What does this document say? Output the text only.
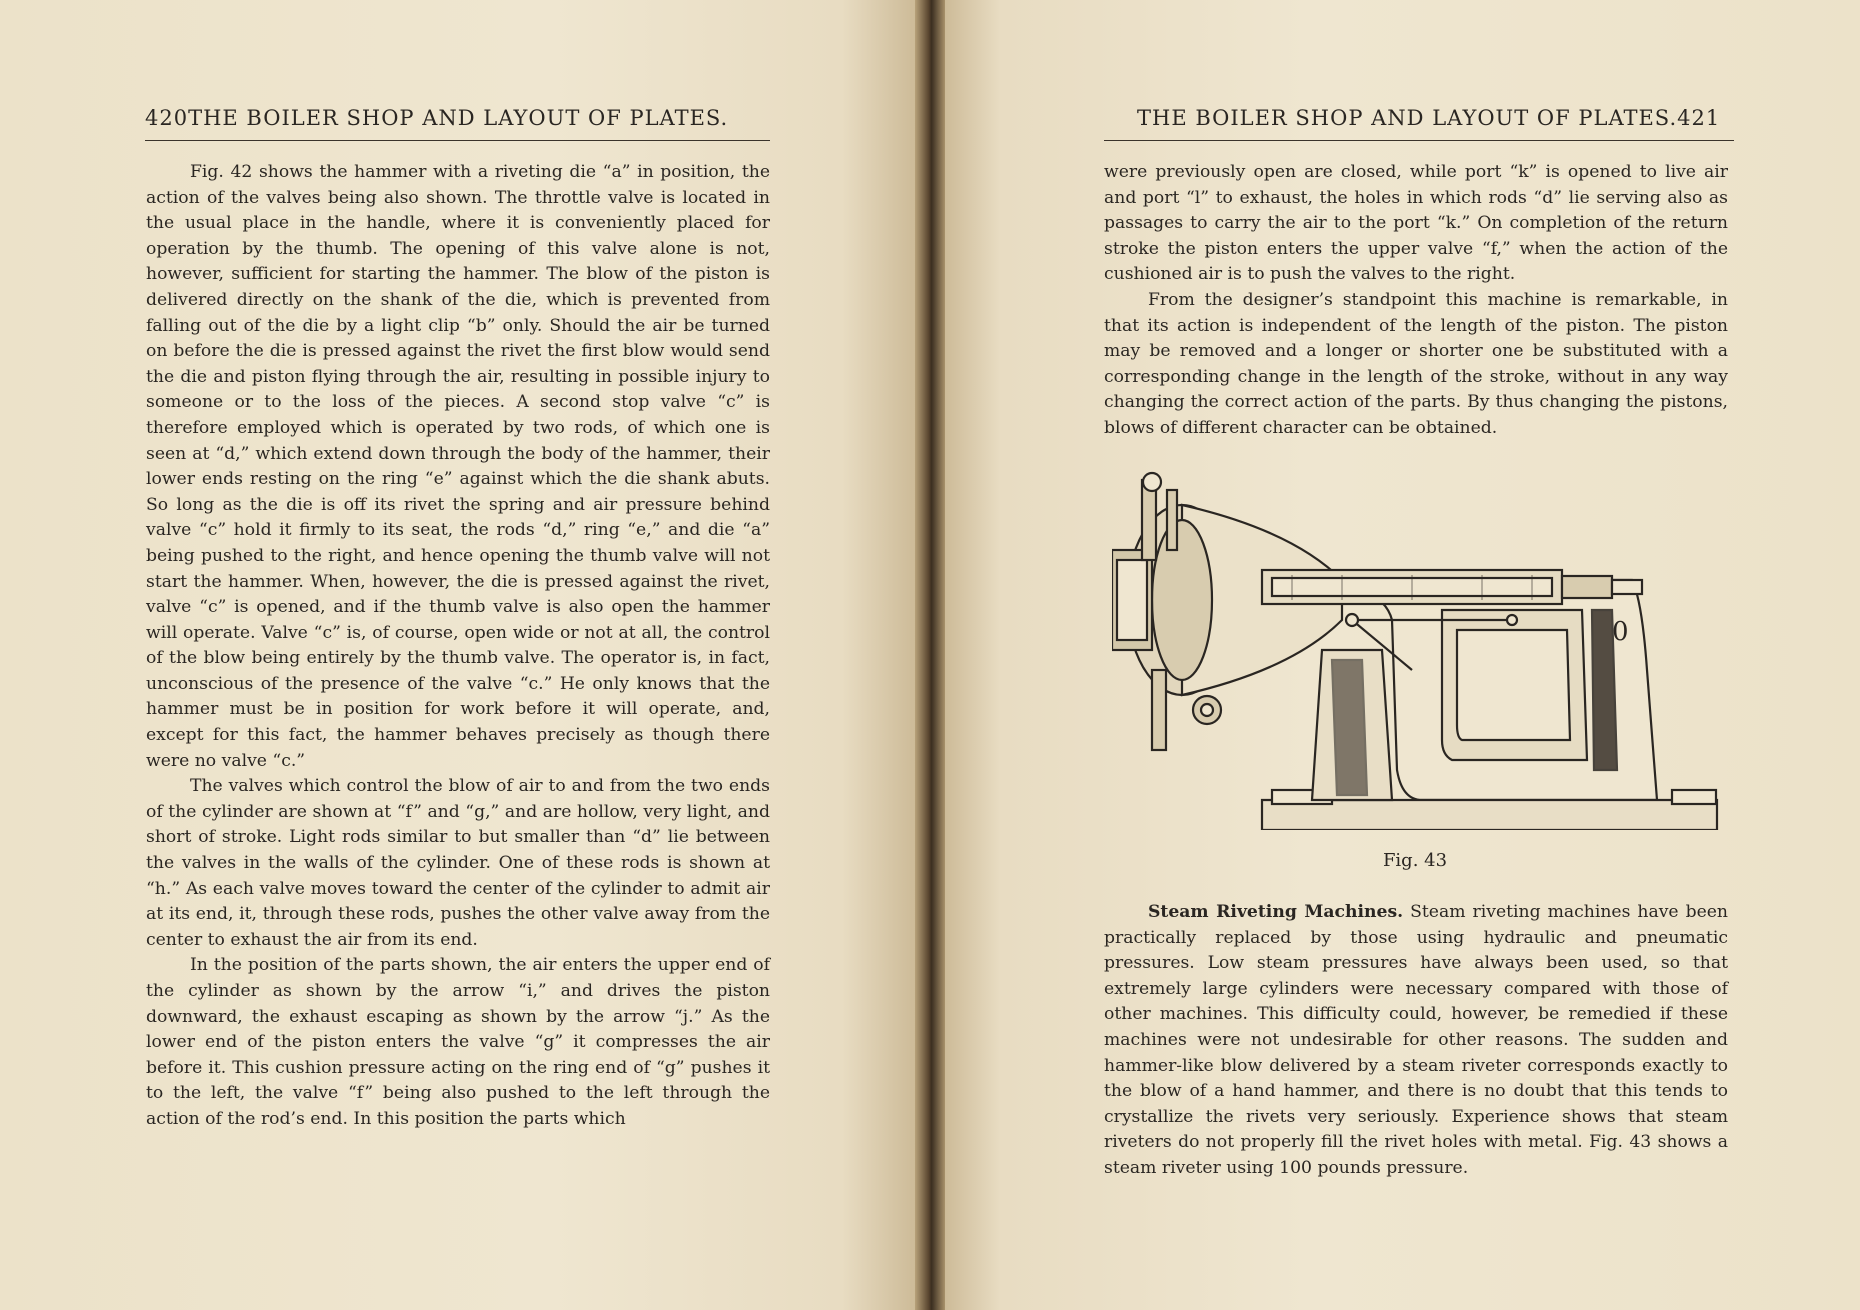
420THE BOILER SHOP AND LAYOUT OF PLATES.

Fig. 42 shows the hammer with a riveting die “a” in position, the action of the valves being also shown. The throttle valve is located in the usual place in the handle, where it is conveniently placed for operation by the thumb. The opening of this valve alone is not, however, sufficient for starting the hammer. The blow of the piston is delivered directly on the shank of the die, which is prevented from falling out of the die by a light clip “b” only. Should the air be turned on before the die is pressed against the rivet the first blow would send the die and piston flying through the air, resulting in possible injury to someone or to the loss of the pieces. A second stop valve “c” is therefore employed which is operated by two rods, of which one is seen at “d,” which extend down through the body of the hammer, their lower ends resting on the ring “e” against which the die shank abuts. So long as the die is off its rivet the spring and air pressure behind valve “c” hold it firmly to its seat, the rods “d,” ring “e,” and die “a” being pushed to the right, and hence opening the thumb valve will not start the hammer. When, however, the die is pressed against the rivet, valve “c” is opened, and if the thumb valve is also open the hammer will operate. Valve “c” is, of course, open wide or not at all, the control of the blow being entirely by the thumb valve. The operator is, in fact, unconscious of the presence of the valve “c.” He only knows that the hammer must be in position for work before it will operate, and, except for this fact, the hammer behaves precisely as though there were no valve “c.”

The valves which control the blow of air to and from the two ends of the cylinder are shown at “f” and “g,” and are hollow, very light, and short of stroke. Light rods similar to but smaller than “d” lie between the valves in the walls of the cylinder. One of these rods is shown at “h.” As each valve moves toward the center of the cylinder to admit air at its end, it, through these rods, pushes the other valve away from the center to exhaust the air from its end.

In the position of the parts shown, the air enters the upper end of the cylinder as shown by the arrow “i,” and drives the piston downward, the exhaust escaping as shown by the arrow “j.” As the lower end of the piston enters the valve “g” it compresses the air before it. This cushion pressure acting on the ring end of “g” pushes it to the left, the valve “f” being also pushed to the left through the action of the rod’s end. In this position the parts which

THE BOILER SHOP AND LAYOUT OF PLATES.421

were previously open are closed, while port “k” is opened to live air and port “l” to exhaust, the holes in which rods “d” lie serving also as passages to carry the air to the port “k.” On completion of the return stroke the piston enters the upper valve “f,” when the action of the cushioned air is to push the valves to the right.

From the designer’s standpoint this machine is remarkable, in that its action is independent of the length of the piston. The piston may be removed and a longer or shorter one be substituted with a corresponding change in the length of the stroke, without in any way changing the correct action of the parts. By thus changing the pistons, blows of different character can be obtained.

0
Fig. 43

Steam Riveting Machines. Steam riveting machines have been practically replaced by those using hydraulic and pneumatic pressures. Low steam pressures have always been used, so that extremely large cylinders were necessary compared with those of other machines. This difficulty could, however, be remedied if these machines were not undesirable for other reasons. The sudden and hammer-like blow delivered by a steam riveter corresponds exactly to the blow of a hand hammer, and there is no doubt that this tends to crystallize the rivets very seriously. Experience shows that steam riveters do not properly fill the rivet holes with metal. Fig. 43 shows a steam riveter using 100 pounds pressure.
